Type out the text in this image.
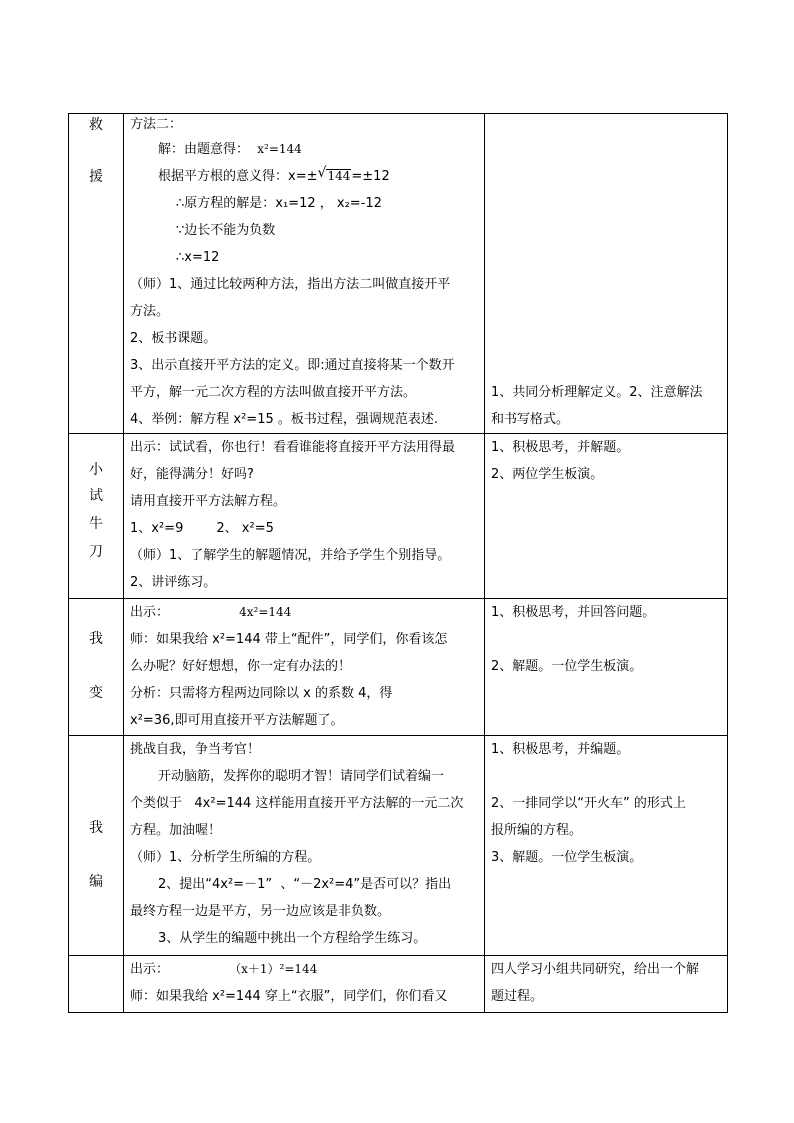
救
援

方法二：
解：由题意得： x²=144
根据平方根的意义得：x=±√ 144=±12
∴原方程的解是：x₁=12 ， x₂=-12
∵边长不能为负数
∴x=12
（师）1、通过比较两种方法，指出方法二叫做直接开平
方法。
2、板书课题。
3、出示直接开平方法的定义。即:通过直接将某一个数开
平方，解一元二次方程的方法叫做直接开平方法。
4、举例：解方程 x²=15 。板书过程，强调规范表述.

1、共同分析理解定义。2、注意解法
和书写格式。

小
试
牛
刀

出示：试试看，你也行！看看谁能将直接开平方法用得最
好，能得满分！好吗?
请用直接开平方法解方程。
1、x²=9        2、 x²=5
（师）1、了解学生的解题情况，并给予学生个别指导。
2、讲评练习。

1、积极思考，并解题。
2、两位学生板演。

我
变

出示：	4x²=144
师：如果我给 x²=144 带上“配件”，同学们，你看该怎
么办呢？好好想想，你一定有办法的！
分析：只需将方程两边同除以 x 的系数 4，得
x²=36,即可用直接开平方法解题了。

1、积极思考，并回答问题。
2、解题。一位学生板演。

我
编

挑战自我，争当考官！
开动脑筋，发挥你的聪明才智！请同学们试着编一
个类似于   4x²=144 这样能用直接开平方法解的一元二次
方程。加油喔！
（师）1、分析学生所编的方程。
2、提出“4x²=－1”  、“－2x²=4”是否可以？指出
最终方程一边是平方，另一边应该是非负数。
3、从学生的编题中挑出一个方程给学生练习。

1、积极思考，并编题。
2、一排同学以“开火车” 的形式上
报所编的方程。
3、解题。一位学生板演。

出示：	（x＋1）²=144
师：如果我给 x²=144 穿上“衣服”，同学们，你们看又

四人学习小组共同研究，给出一个解
题过程。
